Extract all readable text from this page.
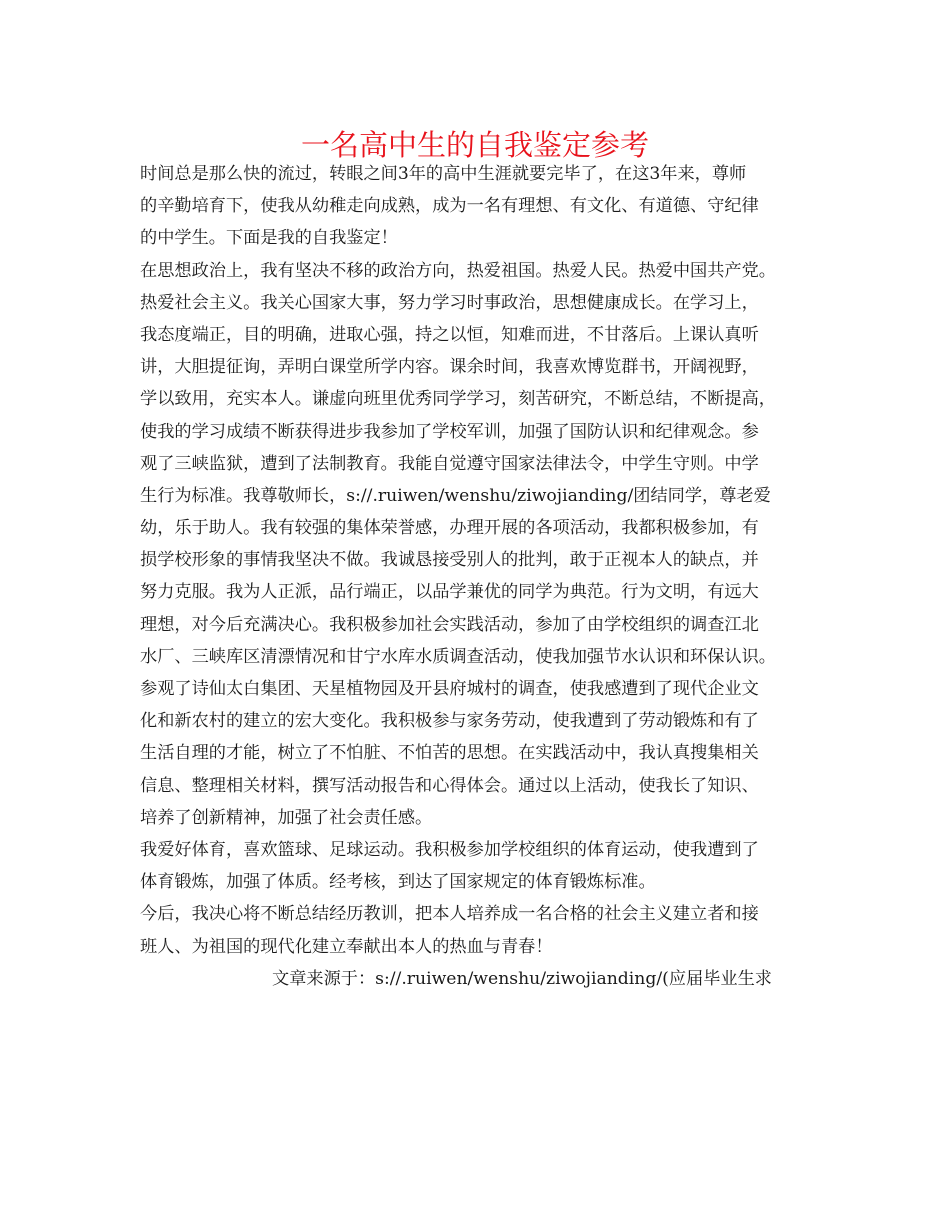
一名高中生的自我鉴定参考
时间总是那么快的流过，转眼之间3年的高中生涯就要完毕了，在这3年来，尊师
的辛勤培育下，使我从幼稚走向成熟，成为一名有理想、有文化、有道德、守纪律
的中学生。下面是我的自我鉴定！
在思想政治上，我有坚决不移的政治方向，热爱祖国。热爱人民。热爱中国共产党。
热爱社会主义。我关心国家大事，努力学习时事政治，思想健康成长。在学习上，
我态度端正，目的明确，进取心强，持之以恒，知难而进，不甘落后。上课认真听
讲，大胆提征询，弄明白课堂所学内容。课余时间，我喜欢博览群书，开阔视野，
学以致用，充实本人。谦虚向班里优秀同学学习，刻苦研究，不断总结，不断提高，
使我的学习成绩不断获得进步我参加了学校军训，加强了国防认识和纪律观念。参
观了三峡监狱，遭到了法制教育。我能自觉遵守国家法律法令，中学生守则。中学
生行为标准。我尊敬师长，s://.ruiwen/wenshu/ziwojianding/团结同学，尊老爱
幼，乐于助人。我有较强的集体荣誉感，办理开展的各项活动，我都积极参加，有
损学校形象的事情我坚决不做。我诚恳接受别人的批判，敢于正视本人的缺点，并
努力克服。我为人正派，品行端正，以品学兼优的同学为典范。行为文明，有远大
理想，对今后充满决心。我积极参加社会实践活动，参加了由学校组织的调查江北
水厂、三峡库区清漂情况和甘宁水库水质调查活动，使我加强节水认识和环保认识。
参观了诗仙太白集团、天星植物园及开县府城村的调查，使我感遭到了现代企业文
化和新农村的建立的宏大变化。我积极参与家务劳动，使我遭到了劳动锻炼和有了
生活自理的才能，树立了不怕脏、不怕苦的思想。在实践活动中，我认真搜集相关
信息、整理相关材料，撰写活动报告和心得体会。通过以上活动，使我长了知识、
培养了创新精神，加强了社会责任感。
我爱好体育，喜欢篮球、足球运动。我积极参加学校组织的体育运动，使我遭到了
体育锻炼，加强了体质。经考核，到达了国家规定的体育锻炼标准。
今后，我决心将不断总结经历教训，把本人培养成一名合格的社会主义建立者和接
班人、为祖国的现代化建立奉献出本人的热血与青春！
文章来源于：s://.ruiwen/wenshu/ziwojianding/(应届毕业生求
